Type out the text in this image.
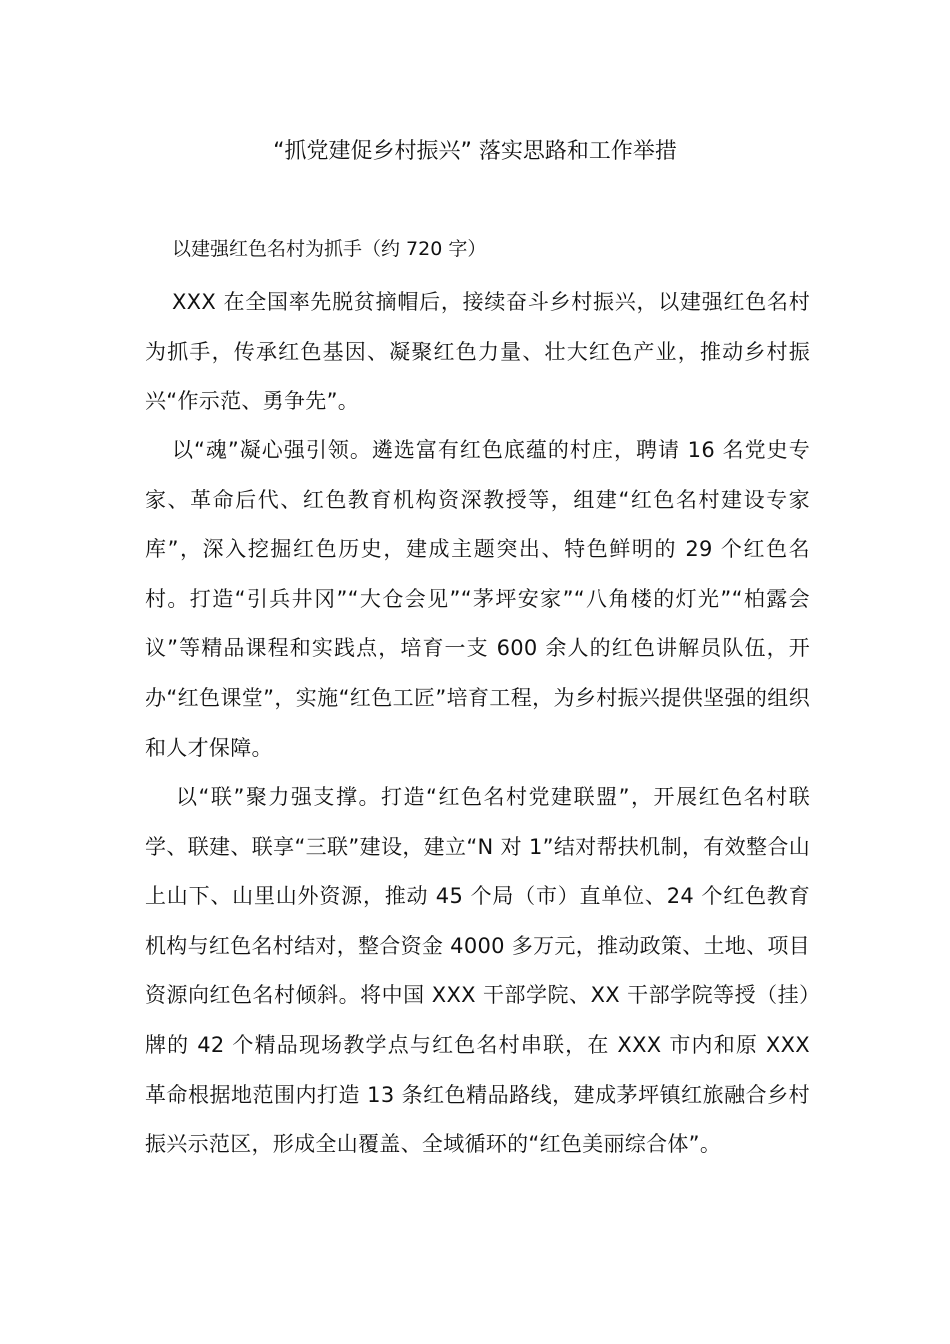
“抓党建促乡村振兴” 落实思路和工作举措

以建强红色名村为抓手（约 720 字）

XXX 在全国率先脱贫摘帽后，接续奋斗乡村振兴，以建强红色名村为抓手，传承红色基因、凝聚红色力量、壮大红色产业，推动乡村振兴“作示范、勇争先”。

以“魂”凝心强引领。遴选富有红色底蕴的村庄，聘请 16 名党史专家、革命后代、红色教育机构资深教授等，组建“红色名村建设专家库”，深入挖掘红色历史，建成主题突出、特色鲜明的 29 个红色名村。打造“引兵井冈”“大仓会见”“茅坪安家”“八角楼的灯光”“柏露会议”等精品课程和实践点，培育一支 600 余人的红色讲解员队伍，开办“红色课堂”，实施“红色工匠”培育工程，为乡村振兴提供坚强的组织和人才保障。

以“联”聚力强支撑。打造“红色名村党建联盟”，开展红色名村联学、联建、联享“三联”建设，建立“N 对 1”结对帮扶机制，有效整合山上山下、山里山外资源，推动 45 个局（市）直单位、24 个红色教育机构与红色名村结对，整合资金 4000 多万元，推动政策、土地、项目资源向红色名村倾斜。将中国 XXX 干部学院、XX 干部学院等授（挂）牌的 42 个精品现场教学点与红色名村串联，在 XXX 市内和原 XXX 革命根据地范围内打造 13 条红色精品路线，建成茅坪镇红旅融合乡村振兴示范区，形成全山覆盖、全域循环的“红色美丽综合体”。
